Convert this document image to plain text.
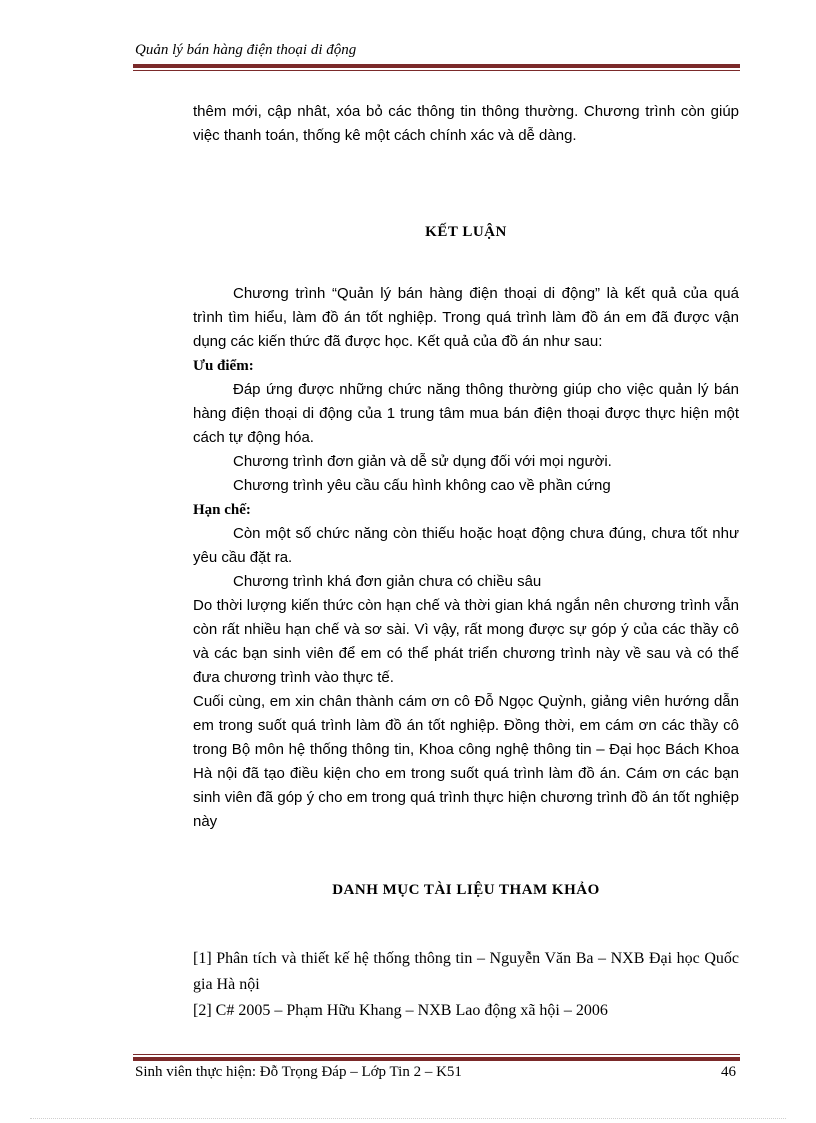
Quản lý bán hàng điện thoại di động

thêm mới, cập nhât, xóa bỏ các thông tin thông thường. Chương trình còn giúp việc thanh toán, thống kê một cách chính xác và dễ dàng.

KẾT LUẬN

Chương trình “Quản lý bán hàng điện thoại di động” là kết quả của quá trình tìm hiểu, làm đồ án tốt nghiệp. Trong quá trình làm đồ án em đã được vận dụng các kiến thức đã được học. Kết quả của đồ án như sau:

Ưu điểm:

Đáp ứng được những chức năng thông thường giúp cho việc quản lý bán hàng điện thoại di động của 1 trung tâm mua bán điện thoại được thực hiện một cách tự động hóa.

Chương trình đơn giản và dễ sử dụng đối với mọi người.

Chương trình yêu cầu cấu hình không cao về phần cứng

Hạn chế:

Còn một số chức năng còn thiếu hoặc hoạt động chưa đúng, chưa tốt như yêu cầu đặt ra.

Chương trình khá đơn giản chưa có chiều sâu

Do thời lượng kiến thức còn hạn chế và thời gian khá ngắn nên chương trình vẫn còn rất nhiều hạn chế và sơ sài. Vì vậy, rất mong được sự góp ý của các thầy cô và các bạn sinh viên để em có thể phát triển chương trình này về sau và có thể đưa chương trình vào thực tế.

Cuối cùng, em xin chân thành cám ơn cô Đỗ Ngọc Quỳnh, giảng viên hướng dẫn em trong suốt quá trình làm đồ án tốt nghiệp. Đồng thời, em cám ơn các thầy cô trong Bộ môn hệ thống thông tin, Khoa công nghệ thông tin – Đại học Bách Khoa Hà nội đã tạo điều kiện cho em trong suốt quá trình làm đồ án. Cám ơn các bạn sinh viên đã góp ý cho em trong quá trình thực hiện chương trình đồ án tốt nghiệp này

DANH MỤC TÀI LIỆU THAM KHẢO

[1] Phân tích và thiết kế hệ thống thông tin – Nguyễn Văn Ba – NXB Đại học Quốc gia Hà nội

[2] C# 2005 – Phạm Hữu Khang – NXB Lao động xã hội – 2006

Sinh viên thực hiện: Đỗ Trọng Đáp – Lớp Tin 2 – K51	46
